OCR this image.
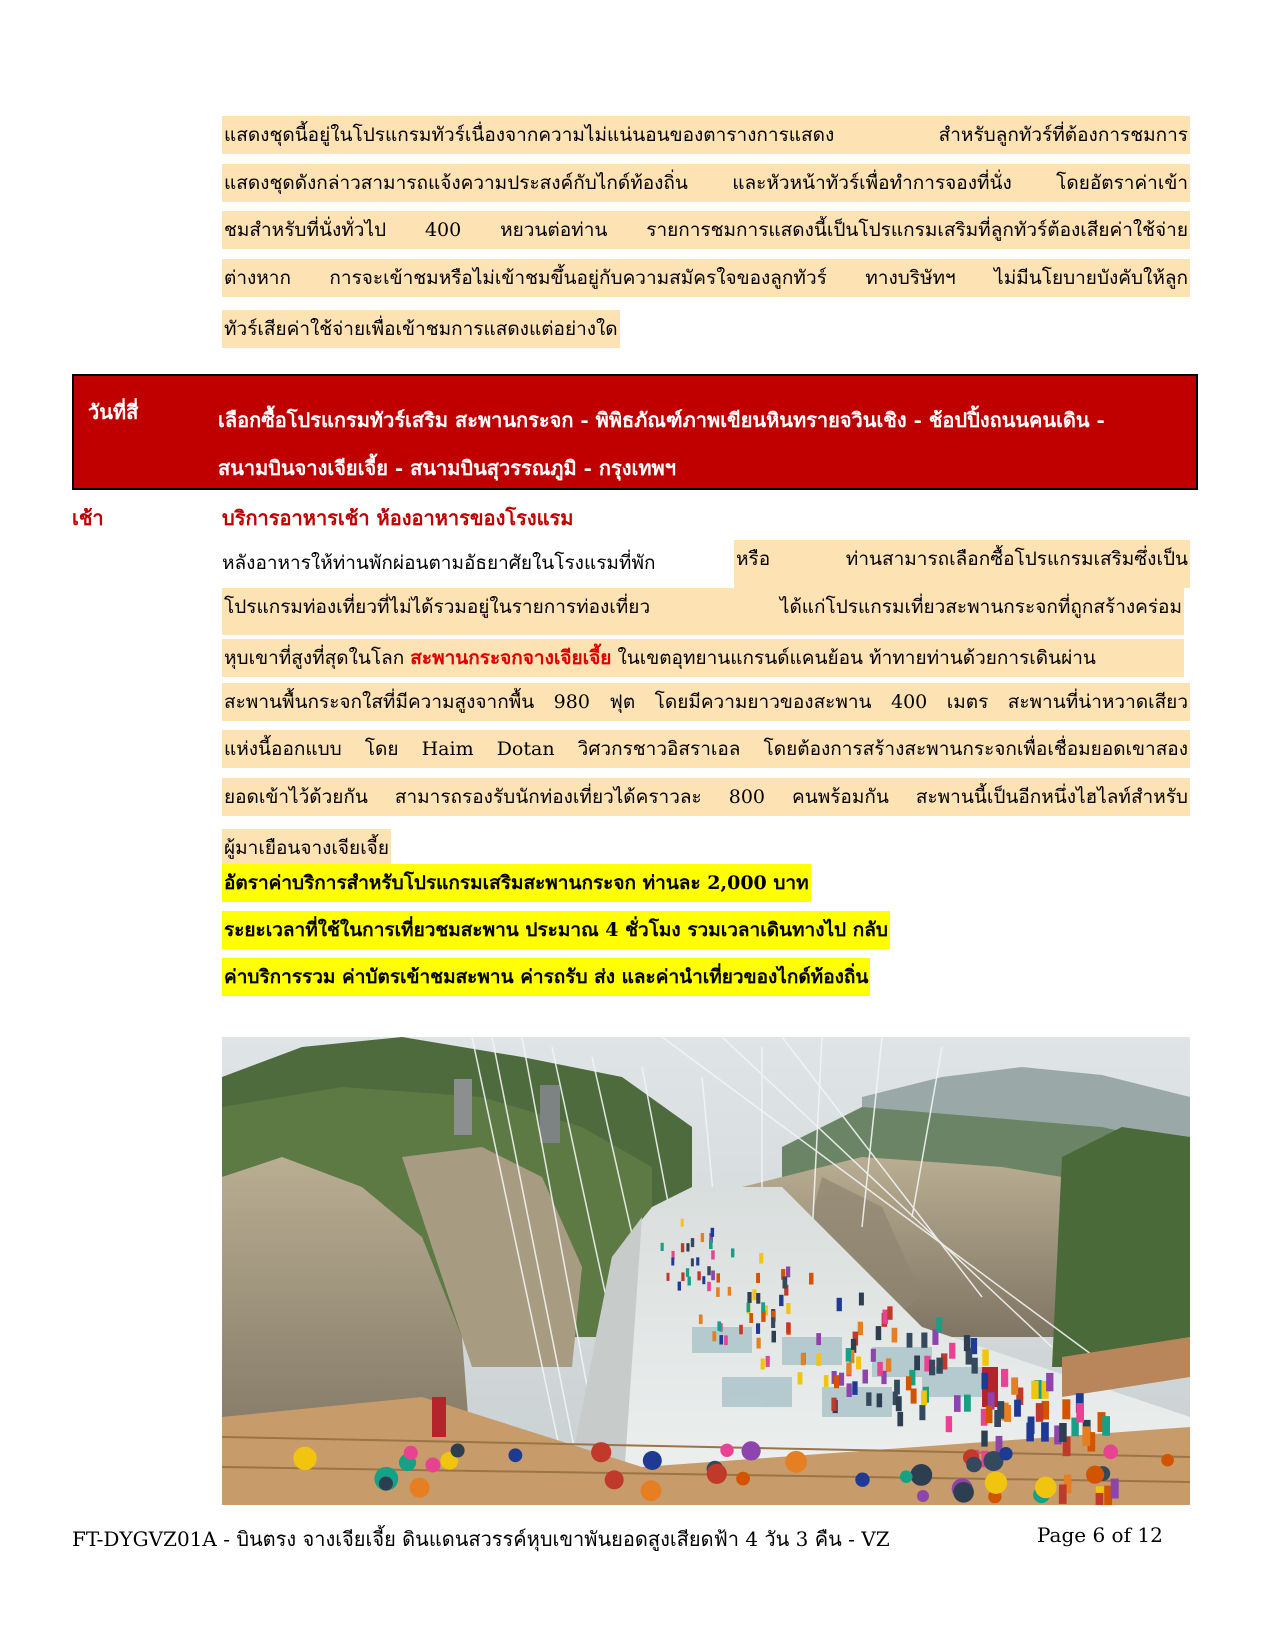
แสดงชุดนี้อยู่ในโปรแกรมทัวร์เนื่องจากความไม่แน่นอนของตารางการแสดง สำหรับลูกทัวร์ที่ต้องการชมการ
แสดงชุดดังกล่าวสามารถแจ้งความประสงค์กับไกด์ท้องถิ่น และหัวหน้าทัวร์เพื่อทำการจองที่นั่ง โดยอัตราค่าเข้า
ชมสำหรับที่นั่งทั่วไป 400 หยวนต่อท่าน รายการชมการแสดงนี้เป็นโปรแกรมเสริมที่ลูกทัวร์ต้องเสียค่าใช้จ่าย
ต่างหาก การจะเข้าชมหรือไม่เข้าชมขึ้นอยู่กับความสมัครใจของลูกทัวร์ ทางบริษัทฯ ไม่มีนโยบายบังคับให้ลูก
ทัวร์เสียค่าใช้จ่ายเพื่อเข้าชมการแสดงแต่อย่างใด
วันที่สี่	เลือกซื้อโปรแกรมทัวร์เสริม สะพานกระจก - พิพิธภัณฑ์ภาพเขียนหินทรายจวินเชิง - ช้อปปิ้งถนนคนเดิน -
สนามบินจางเจียเจี้ย - สนามบินสุวรรณภูมิ - กรุงเทพฯ
เช้า	บริการอาหารเช้า ห้องอาหารของโรงแรม
หลังอาหารให้ท่านพักผ่อนตามอัธยาศัยในโรงแรมที่พัก	หรือ ท่านสามารถเลือกซื้อโปรแกรมเสริมซึ่งเป็น
โปรแกรมท่องเที่ยวที่ไม่ได้รวมอยู่ในรายการท่องเที่ยว	ได้แก่โปรแกรมเที่ยวสะพานกระจกที่ถูกสร้างคร่อม
หุบเขาที่สูงที่สุดในโลก สะพานกระจกจางเจียเจี้ย ในเขตอุทยานแกรนด์แคนย้อน ท้าทายท่านด้วยการเดินผ่าน
สะพานพื้นกระจกใสที่มีความสูงจากพื้น 980 ฟุต โดยมีความยาวของสะพาน 400 เมตร สะพานที่น่าหวาดเสียว
แห่งนี้ออกแบบ โดย Haim Dotan วิศวกรชาวอิสราเอล โดยต้องการสร้างสะพานกระจกเพื่อเชื่อมยอดเขาสอง
ยอดเข้าไว้ด้วยกัน สามารถรองรับนักท่องเที่ยวได้คราวละ 800 คนพร้อมกัน สะพานนี้เป็นอีกหนึ่งไฮไลท์สำหรับ
ผู้มาเยือนจางเจียเจี้ย
อัตราค่าบริการสำหรับโปรแกรมเสริมสะพานกระจก ท่านละ 2,000 บาท
ระยะเวลาที่ใช้ในการเที่ยวชมสะพาน ประมาณ 4 ชั่วโมง รวมเวลาเดินทางไป กลับ
ค่าบริการรวม ค่าบัตรเข้าชมสะพาน ค่ารถรับ ส่ง และค่านำเที่ยวของไกด์ท้องถิ่น
FT-DYGVZ01A - บินตรง จางเจียเจี้ย ดินแดนสวรรค์หุบเขาพันยอดสูงเสียดฟ้า 4 วัน 3 คืน - VZ	Page 6 of 12
